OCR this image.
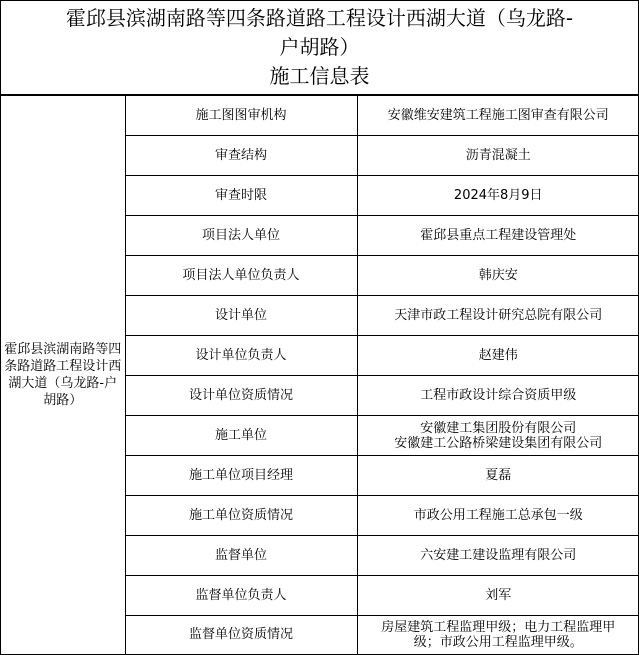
霍邱县滨湖南路等四条路道路工程设计西湖大道（乌龙路-
户胡路）
施工信息表
霍邱县滨湖南路等四条路道路工程设计西湖大道（乌龙路-户胡路）	施工图图审机构	安徽维安建筑工程施工图审查有限公司

	审查结构	沥青混凝土

	审查时限	2024年8月9日

	项目法人单位	霍邱县重点工程建设管理处

	项目法人单位负责人	韩庆安

	设计单位	天津市政工程设计研究总院有限公司

	设计单位负责人	赵建伟

	设计单位资质情况	工程市政设计综合资质甲级

	施工单位	安徽建工集团股份有限公司
安徽建工公路桥梁建设集团有限公司

	施工单位项目经理	夏磊

	施工单位资质情况	市政公用工程施工总承包一级

	监督单位	六安建工建设监理有限公司

	监督单位负责人	刘军

	监督单位资质情况	房屋建筑工程监理甲级；电力工程监理甲
级；市政公用工程监理甲级。
